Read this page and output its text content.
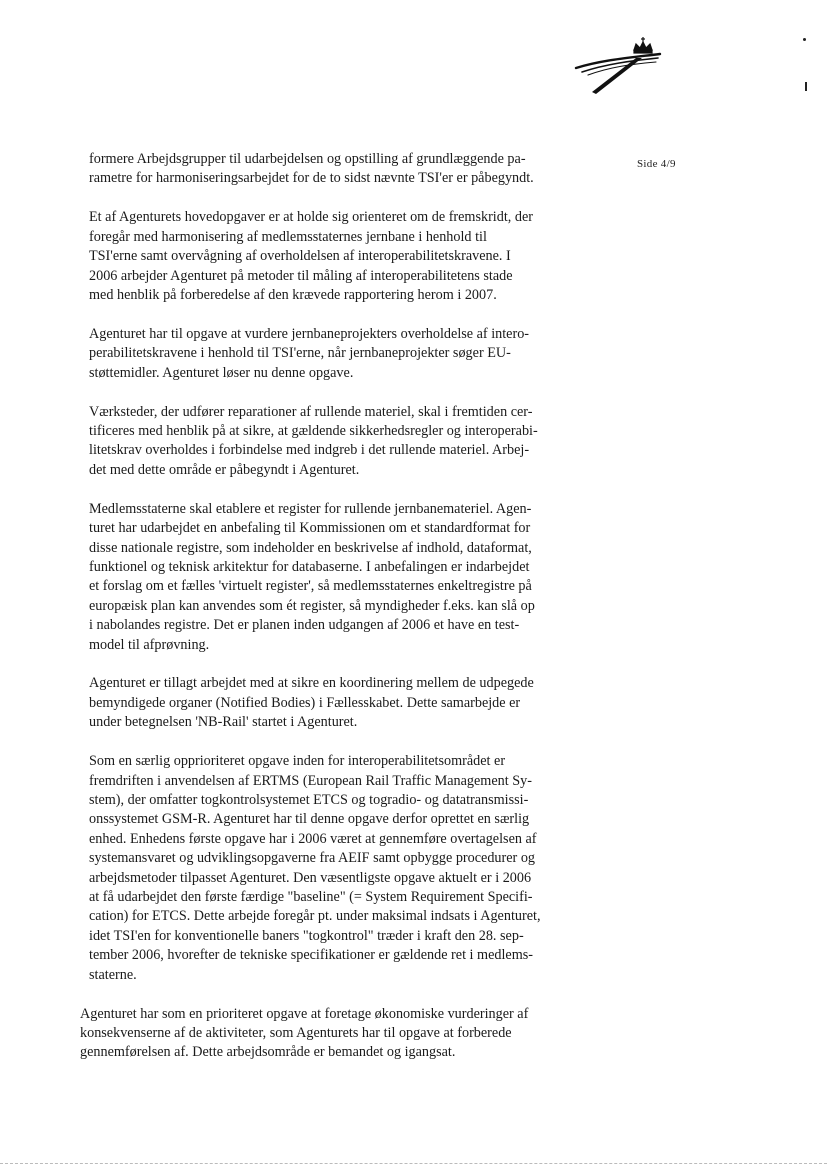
Side 4/9

formere Arbejdsgrupper til udarbejdelsen og opstilling af grundlæggende pa-
rametre for harmoniseringsarbejdet for de to sidst nævnte TSI'er er påbegyndt.

Et af Agenturets hovedopgaver er at holde sig orienteret om de fremskridt, der
foregår med harmonisering af medlemsstaternes jernbane i henhold til
TSI'erne samt overvågning af overholdelsen af interoperabilitetskravene. I
2006 arbejder Agenturet på metoder til måling af interoperabilitetens stade
med henblik på forberedelse af den krævede rapportering herom i 2007.

Agenturet har til opgave at vurdere jernbaneprojekters overholdelse af intero-
perabilitetskravene i henhold til TSI'erne, når jernbaneprojekter søger EU-
støttemidler. Agenturet løser nu denne opgave.

Værksteder, der udfører reparationer af rullende materiel, skal i fremtiden cer-
tificeres med henblik på at sikre, at gældende sikkerhedsregler og interoperabi-
litetskrav overholdes i forbindelse med indgreb i det rullende materiel. Arbej-
det med dette område er påbegyndt i Agenturet.

Medlemsstaterne skal etablere et register for rullende jernbanemateriel. Agen-
turet har udarbejdet en anbefaling til Kommissionen om et standardformat for
disse nationale registre, som indeholder en beskrivelse af indhold, dataformat,
funktionel og teknisk arkitektur for databaserne. I anbefalingen er indarbejdet
et forslag om et fælles 'virtuelt register', så medlemsstaternes enkeltregistre på
europæisk plan kan anvendes som ét register, så myndigheder f.eks. kan slå op
i nabolandes registre. Det er planen inden udgangen af 2006 et have en test-
model til afprøvning.

Agenturet er tillagt arbejdet med at sikre en koordinering mellem de udpegede
bemyndigede organer (Notified Bodies) i Fællesskabet. Dette samarbejde er
under betegnelsen 'NB-Rail' startet i Agenturet.

Som en særlig opprioriteret opgave inden for interoperabilitetsområdet er
fremdriften i anvendelsen af ERTMS (European Rail Traffic Management Sy-
stem), der omfatter togkontrolsystemet ETCS og togradio- og datatransmissi-
onssystemet GSM-R. Agenturet har til denne opgave derfor oprettet en særlig
enhed. Enhedens første opgave har i 2006 været at gennemføre overtagelsen af
systemansvaret og udviklingsopgaverne fra AEIF samt opbygge procedurer og
arbejdsmetoder tilpasset Agenturet. Den væsentligste opgave aktuelt er i 2006
at få udarbejdet den første færdige "baseline" (= System Requirement Specifi-
cation) for ETCS. Dette arbejde foregår pt. under maksimal indsats i Agenturet,
idet TSI'en for konventionelle baners "togkontrol" træder i kraft den 28. sep-
tember 2006, hvorefter de tekniske specifikationer er gældende ret i medlems-
staterne.

Agenturet har som en prioriteret opgave at foretage økonomiske vurderinger af
konsekvenserne af de aktiviteter, som Agenturets har til opgave at forberede
gennemførelsen af. Dette arbejdsområde er bemandet og igangsat.
